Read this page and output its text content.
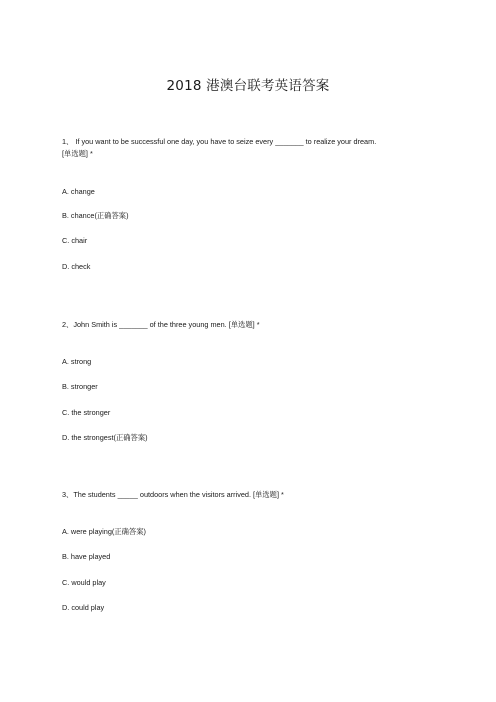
2018 港澳台联考英语答案
1、 If you want to be successful one day, you have to seize every _______ to realize your dream.
[单选题] *
A. change
B. chance(正确答案)
C. chair
D. check
2、John Smith is _______ of the three young men. [单选题] *
A. strong
B. stronger
C. the stronger
D. the strongest(正确答案)
3、The students _____ outdoors when the visitors arrived. [单选题] *
A. were playing(正确答案)
B. have played
C. would play
D. could play
